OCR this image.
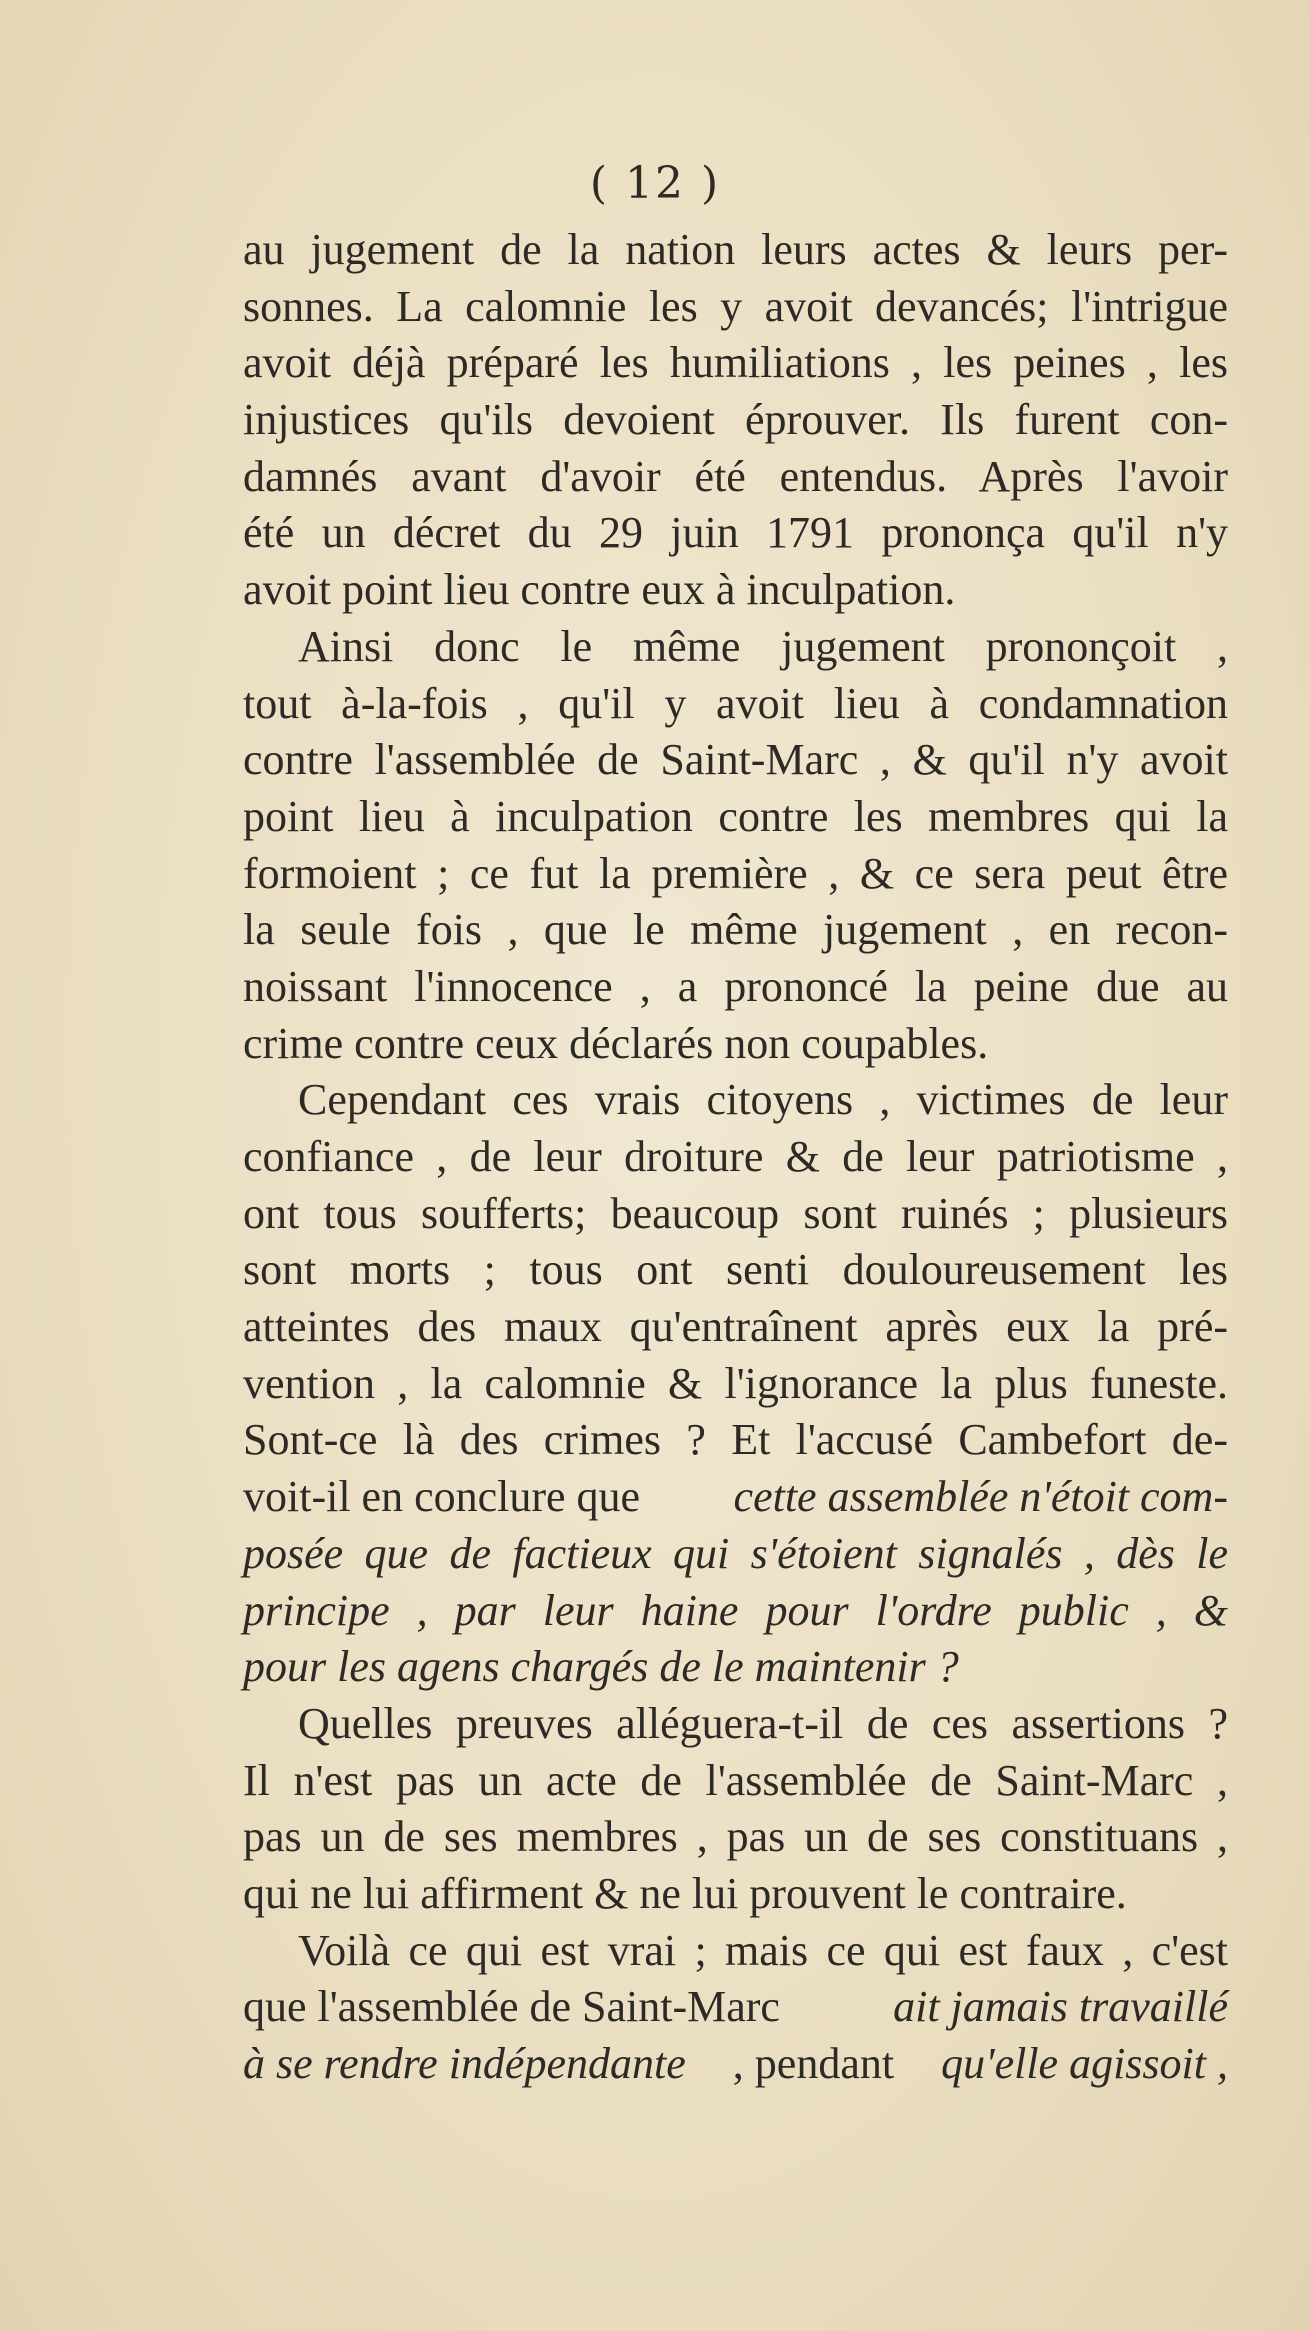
( 12 )
au jugement de la nation leurs actes & leurs per-
sonnes. La calomnie les y avoit devancés; l'intrigue
avoit déjà préparé les humiliations , les peines , les
injustices qu'ils devoient éprouver. Ils furent con-
damnés avant d'avoir été entendus. Après l'avoir
été un décret du 29 juin 1791 prononça qu'il n'y
avoit point lieu contre eux à inculpation.
Ainsi donc le même jugement prononçoit ,
tout à-la-fois , qu'il y avoit lieu à condamnation
contre l'assemblée de Saint-Marc , & qu'il n'y avoit
point lieu à inculpation contre les membres qui la
formoient ; ce fut la première , & ce sera peut être
la seule fois , que le même jugement , en recon-
noissant l'innocence , a prononcé la peine due au
crime contre ceux déclarés non coupables.
Cependant ces vrais citoyens , victimes de leur
confiance , de leur droiture & de leur patriotisme ,
ont tous soufferts; beaucoup sont ruinés ; plusieurs
sont morts ; tous ont senti douloureusement les
atteintes des maux qu'entraînent après eux la pré-
vention , la calomnie & l'ignorance la plus funeste.
Sont-ce là des crimes ? Et l'accusé Cambefort de-
voit-il en conclure que cette assemblée n'étoit com-
posée que de factieux qui s'étoient signalés , dès le
principe , par leur haine pour l'ordre public , &
pour les agens chargés de le maintenir ?
Quelles preuves alléguera-t-il de ces assertions ?
Il n'est pas un acte de l'assemblée de Saint-Marc ,
pas un de ses membres , pas un de ses constituans ,
qui ne lui affirment & ne lui prouvent le contraire.
Voilà ce qui est vrai ; mais ce qui est faux , c'est
que l'assemblée de Saint-Marc	ait jamais travaillé
à se rendre indépendante , pendant qu'elle agissoit ,
